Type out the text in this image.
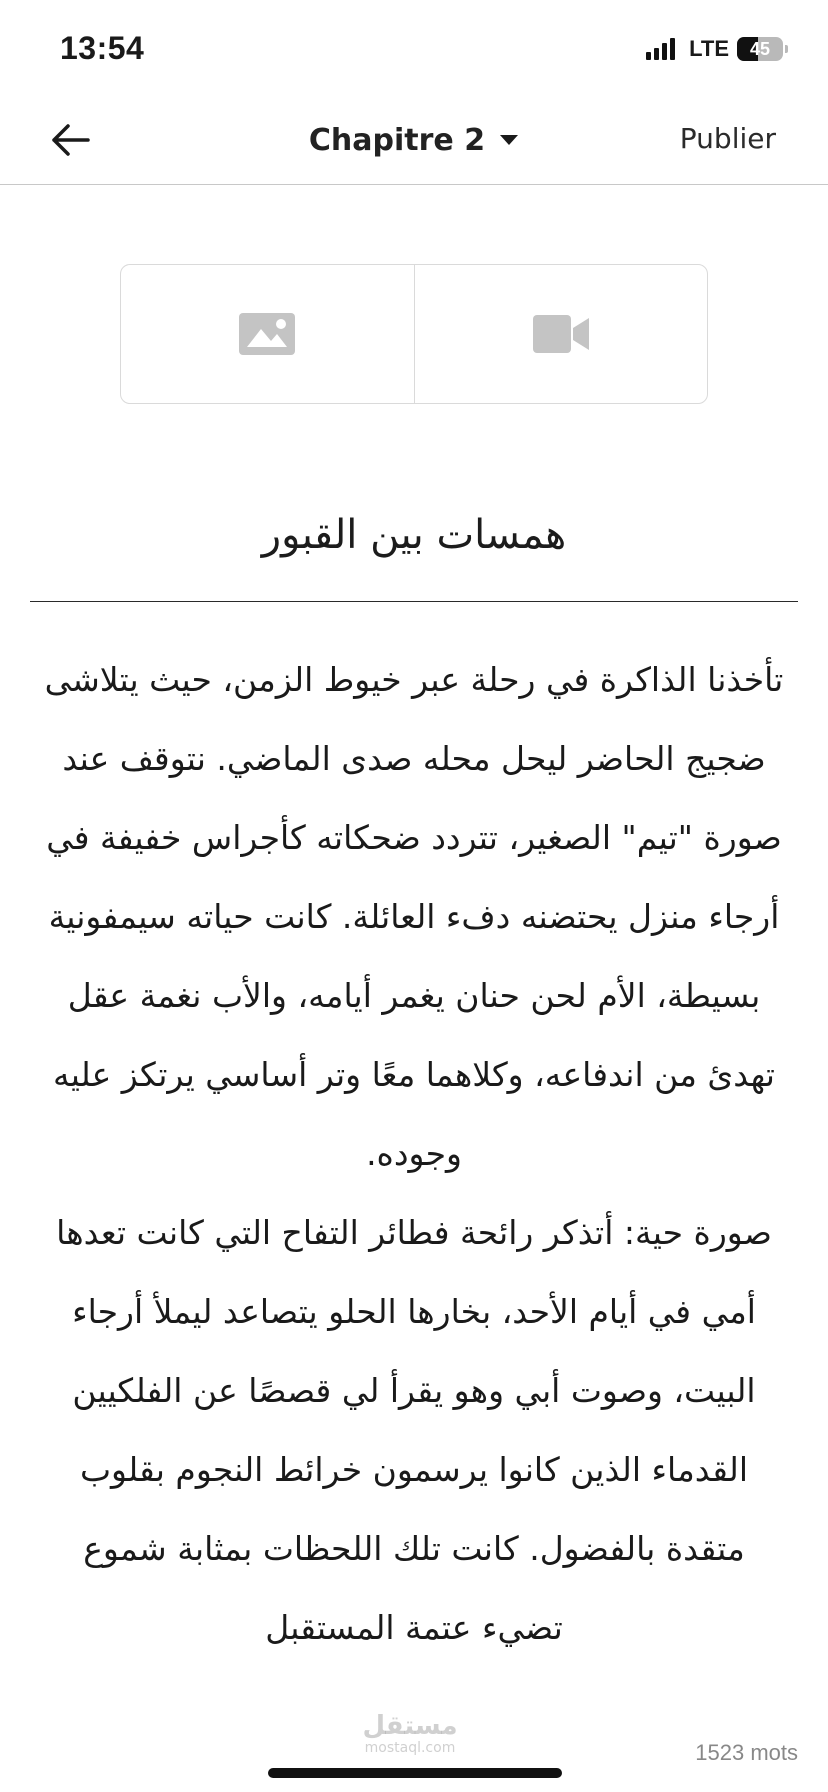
13:54	LTE 45
Chapitre 2	Publier
همسات بين القبور

تأخذنا الذاكرة في رحلة عبر خيوط الزمن، حيث يتلاشى ضجيج الحاضر ليحل محله صدى الماضي. نتوقف عند صورة "تيم" الصغير، تتردد ضحكاته كأجراس خفيفة في أرجاء منزل يحتضنه دفء العائلة. كانت حياته سيمفونية بسيطة، الأم لحن حنان يغمر أيامه، والأب نغمة عقل تهدئ من اندفاعه، وكلاهما معًا وتر أساسي يرتكز عليه وجوده.

صورة حية: أتذكر رائحة فطائر التفاح التي كانت تعدها أمي في أيام الأحد، بخارها الحلو يتصاعد ليملأ أرجاء البيت، وصوت أبي وهو يقرأ لي قصصًا عن الفلكيين القدماء الذين كانوا يرسمون خرائط النجوم بقلوب متقدة بالفضول. كانت تلك اللحظات بمثابة شموع تضيء عتمة المستقبل

مستقل
mostaql.com	1523 mots
